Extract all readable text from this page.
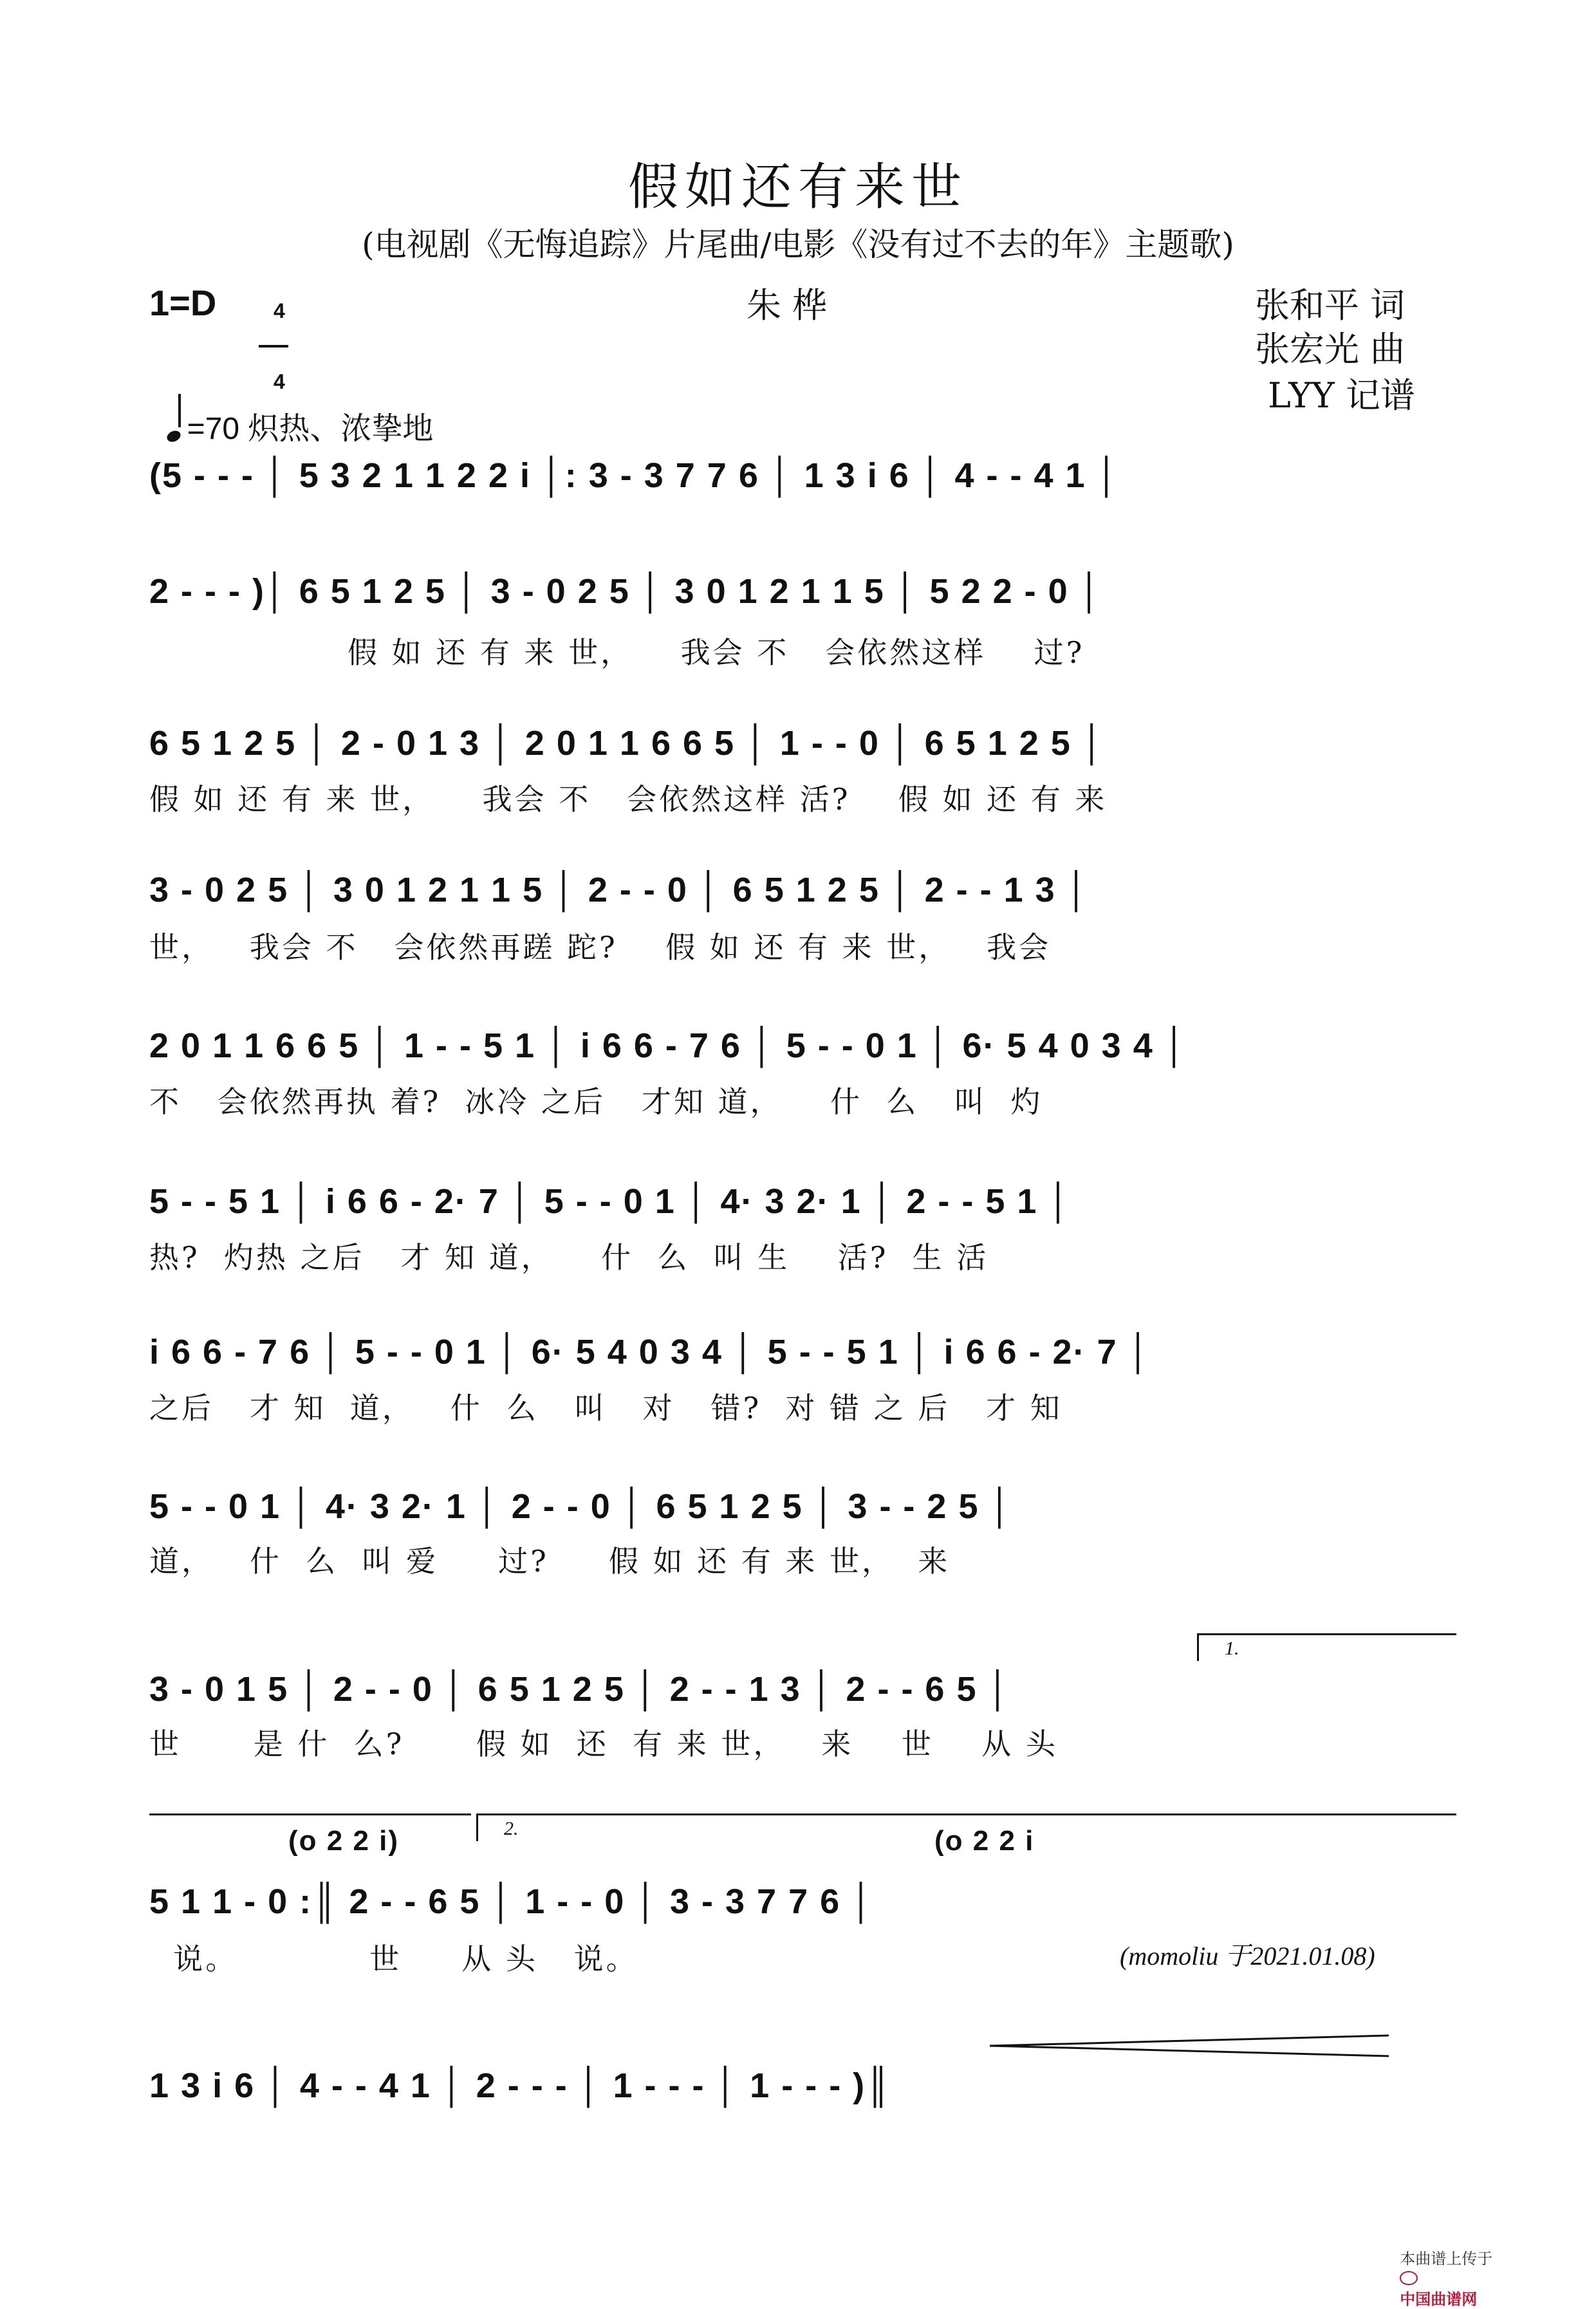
假如还有来世
(电视剧《无悔追踪》片尾曲/电影《没有过不去的年》主题歌)
1=D	4

4

朱 桦	张和平 词
张宏光 曲

=70 炽热、浓挚地

LYY 记谱
(5 - - - │ 5 3 2 1 1 2 2 i │: 3 - 3 7 7 6 │ 1 3 i 6 │ 4 - - 4 1 │
2 - - - )│ 6 5 1 2 5 │ 3 - 0 2 5 │ 3 0 1 2 1 1 5 │ 5 2 2 - 0 │
假 如 还 有 来 世，    我会 不   会依然这样    过?
6 5 1 2 5 │ 2 - 0 1 3 │ 2 0 1 1 6 6 5 │ 1 - - 0 │ 6 5 1 2 5 │
假 如 还 有 来 世，    我会 不   会依然这样 活?    假 如 还 有 来
3 - 0 2 5 │ 3 0 1 2 1 1 5 │ 2 - - 0 │ 6 5 1 2 5 │ 2 - - 1 3 │
世，   我会 不   会依然再蹉 跎?    假 如 还 有 来 世，   我会
2 0 1 1 6 6 5 │ 1 - - 5 1 │ i 6 6 - 7 6 │ 5 - - 0 1 │ 6· 5 4 0 3 4 │
不   会依然再执 着?  冰冷 之后   才知 道，    什  么   叫  灼
5 - - 5 1 │ i 6 6 - 2· 7 │ 5 - - 0 1 │ 4· 3 2· 1 │ 2 - - 5 1 │
热?  灼热 之后   才 知 道，    什  么  叫 生    活?  生 活
i 6 6 - 7 6 │ 5 - - 0 1 │ 6· 5 4 0 3 4 │ 5 - - 5 1 │ i 6 6 - 2· 7 │
之后   才 知  道，   什  么   叫   对   错?  对 错 之 后   才 知
5 - - 0 1 │ 4· 3 2· 1 │ 2 - - 0 │ 6 5 1 2 5 │ 3 - - 2 5 │
道，   什  么  叫 爱     过?     假 如 还 有 来 世，  来
1.
3 - 0 1 5 │ 2 - - 0 │ 6 5 1 2 5 │ 2 - - 1 3 │ 2 - - 6 5 │
世      是 什  么?      假 如  还  有 来 世，   来    世    从 头
2.
(o 2 2 i)	(o 2 2 i
5 1 1 - 0 :║ 2 - - 6 5 │ 1 - - 0 │ 3 - 3 7 7 6 │
说。           世     从 头   说。	(momoliu 于2021.01.08)

1 3 i 6 │ 4 - - 4 1 │ 2 - - - │ 1 - - - │ 1 - - - )║

本曲谱上传于

中国曲谱网
